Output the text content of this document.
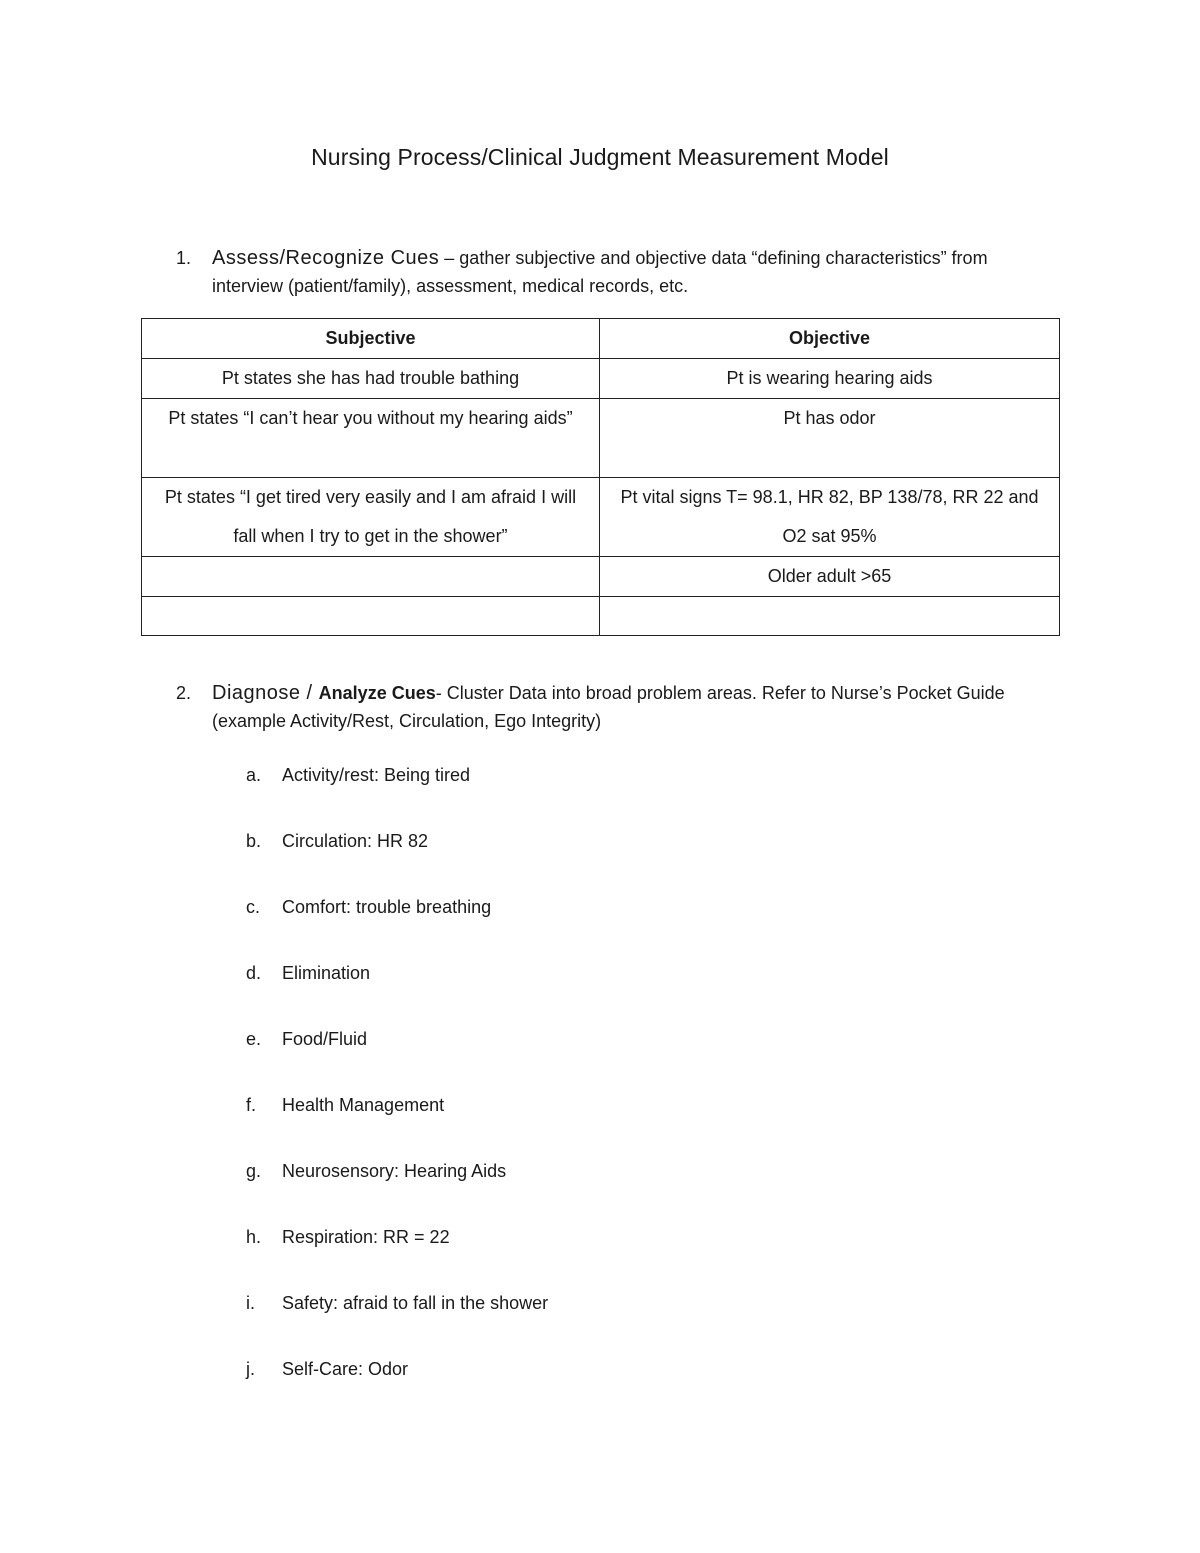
Nursing Process/Clinical Judgment Measurement Model
1. Assess/Recognize Cues – gather subjective and objective data “defining characteristics” from interview (patient/family), assessment, medical records, etc.
Subjective	Objective
Pt states she has had trouble bathing	Pt is wearing hearing aids
Pt states “I can’t hear you without my hearing aids”	Pt has odor
Pt states “I get tired very easily and I am afraid I will fall when I try to get in the shower”	Pt vital signs T= 98.1, HR 82, BP 138/78, RR 22 and O2 sat 95%
	Older adult >65

2. Diagnose / Analyze Cues- Cluster Data into broad problem areas. Refer to Nurse’s Pocket Guide (example Activity/Rest, Circulation, Ego Integrity)
a.	Activity/rest: Being tired
b.	Circulation: HR 82
c.	Comfort: trouble breathing
d.	Elimination
e.	Food/Fluid
f.	Health Management
g.	Neurosensory: Hearing Aids
h.	Respiration: RR = 22
i.	Safety: afraid to fall in the shower
j.	Self-Care: Odor
